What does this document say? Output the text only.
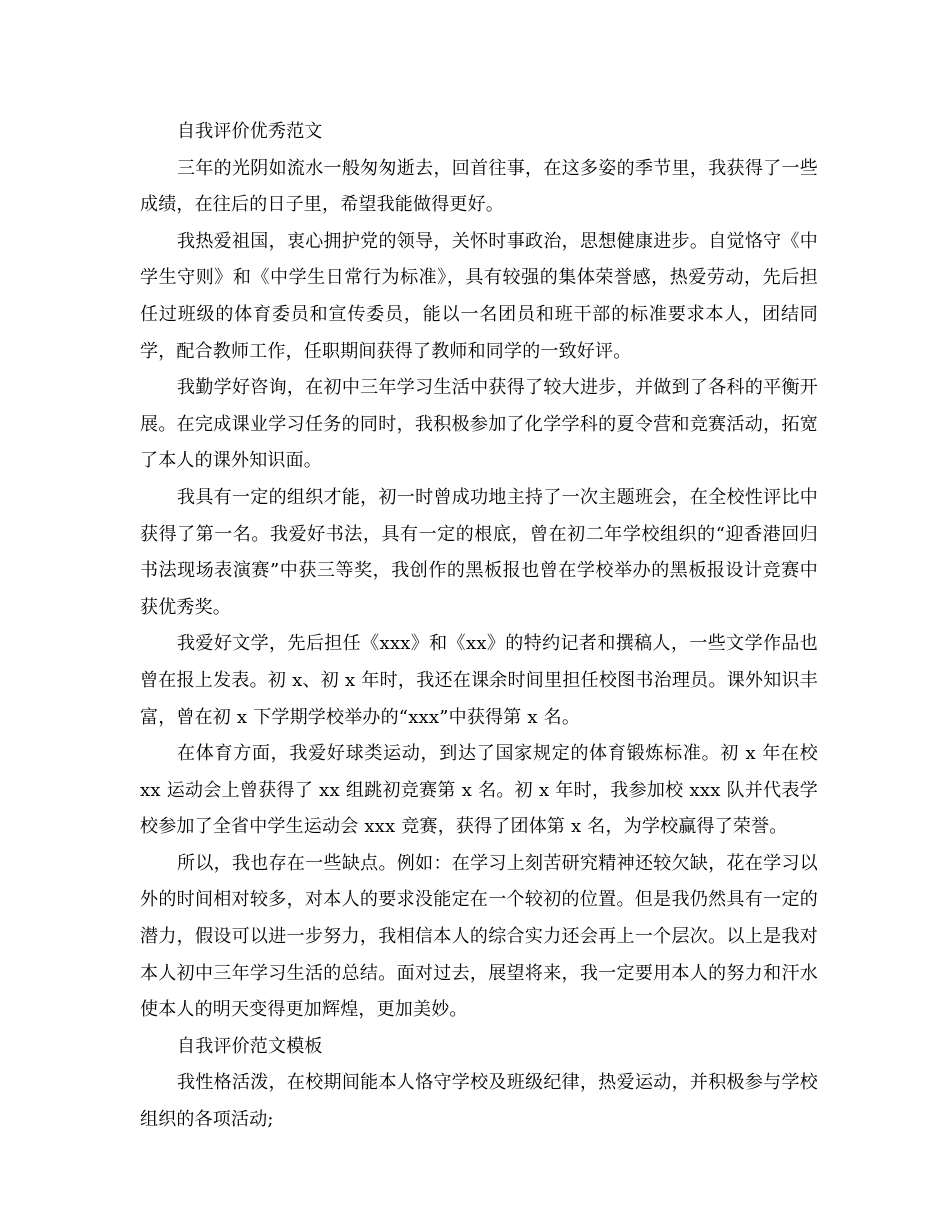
自我评价优秀范文

三年的光阴如流水一般匆匆逝去，回首往事，在这多姿的季节里，我获得了一些成绩，在往后的日子里，希望我能做得更好。

我热爱祖国，衷心拥护党的领导，关怀时事政治，思想健康进步。自觉恪守《中学生守则》和《中学生日常行为标准》，具有较强的集体荣誉感，热爱劳动，先后担任过班级的体育委员和宣传委员，能以一名团员和班干部的标准要求本人，团结同学，配合教师工作，任职期间获得了教师和同学的一致好评。

我勤学好咨询，在初中三年学习生活中获得了较大进步，并做到了各科的平衡开展。在完成课业学习任务的同时，我积极参加了化学学科的夏令营和竞赛活动，拓宽了本人的课外知识面。

我具有一定的组织才能，初一时曾成功地主持了一次主题班会，在全校性评比中获得了第一名。我爱好书法，具有一定的根底，曾在初二年学校组织的“迎香港回归书法现场表演赛”中获三等奖，我创作的黑板报也曾在学校举办的黑板报设计竞赛中获优秀奖。

我爱好文学，先后担任《xxx》和《xx》的特约记者和撰稿人，一些文学作品也曾在报上发表。初 x、初 x 年时，我还在课余时间里担任校图书治理员。课外知识丰富，曾在初 x 下学期学校举办的“xxx”中获得第 x 名。

在体育方面，我爱好球类运动，到达了国家规定的体育锻炼标准。初 x 年在校 xx 运动会上曾获得了 xx 组跳初竞赛第 x 名。初 x 年时，我参加校 xxx 队并代表学校参加了全省中学生运动会 xxx 竞赛，获得了团体第 x 名，为学校赢得了荣誉。

所以，我也存在一些缺点。例如：在学习上刻苦研究精神还较欠缺，花在学习以外的时间相对较多，对本人的要求没能定在一个较初的位置。但是我仍然具有一定的潜力，假设可以进一步努力，我相信本人的综合实力还会再上一个层次。以上是我对本人初中三年学习生活的总结。面对过去，展望将来，我一定要用本人的努力和汗水使本人的明天变得更加辉煌，更加美妙。

自我评价范文模板

我性格活泼，在校期间能本人恪守学校及班级纪律，热爱运动，并积极参与学校组织的各项活动;
